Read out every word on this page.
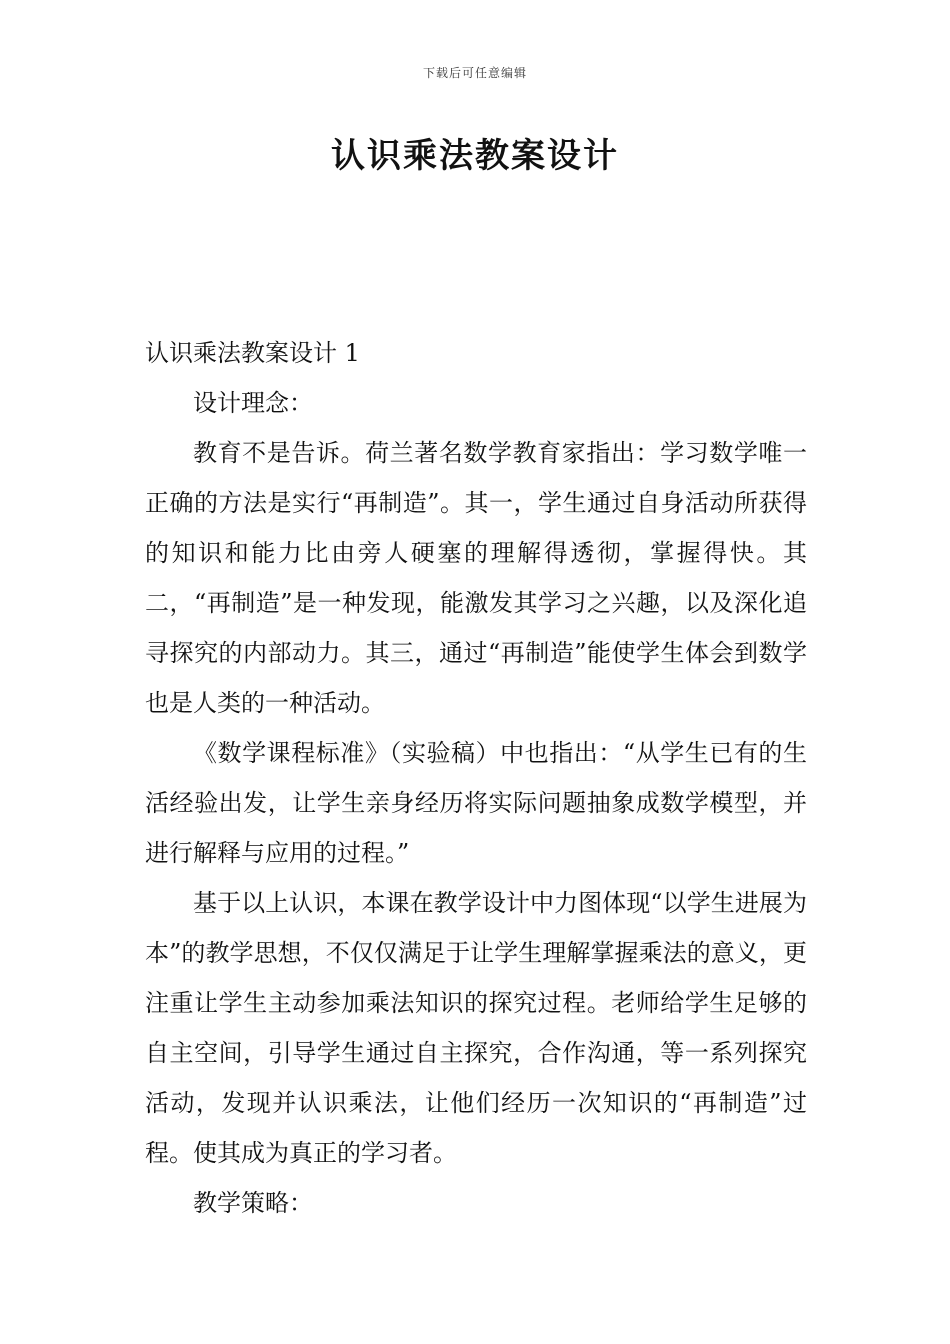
下载后可任意编辑
认识乘法教案设计

认识乘法教案设计 1

设计理念：

教育不是告诉。荷兰著名数学教育家指出：学习数学唯一正确的方法是实行“再制造”。其一，学生通过自身活动所获得的知识和能力比由旁人硬塞的理解得透彻，掌握得快。其二，“再制造”是一种发现，能激发其学习之兴趣，以及深化追寻探究的内部动力。其三，通过“再制造”能使学生体会到数学也是人类的一种活动。

《数学课程标准》（实验稿）中也指出：“从学生已有的生活经验出发，让学生亲身经历将实际问题抽象成数学模型，并进行解释与应用的过程。”

基于以上认识，本课在教学设计中力图体现“以学生进展为本”的教学思想，不仅仅满足于让学生理解掌握乘法的意义，更注重让学生主动参加乘法知识的探究过程。老师给学生足够的自主空间，引导学生通过自主探究，合作沟通，等一系列探究活动，发现并认识乘法，让他们经历一次知识的“再制造”过程。使其成为真正的学习者。

教学策略：
